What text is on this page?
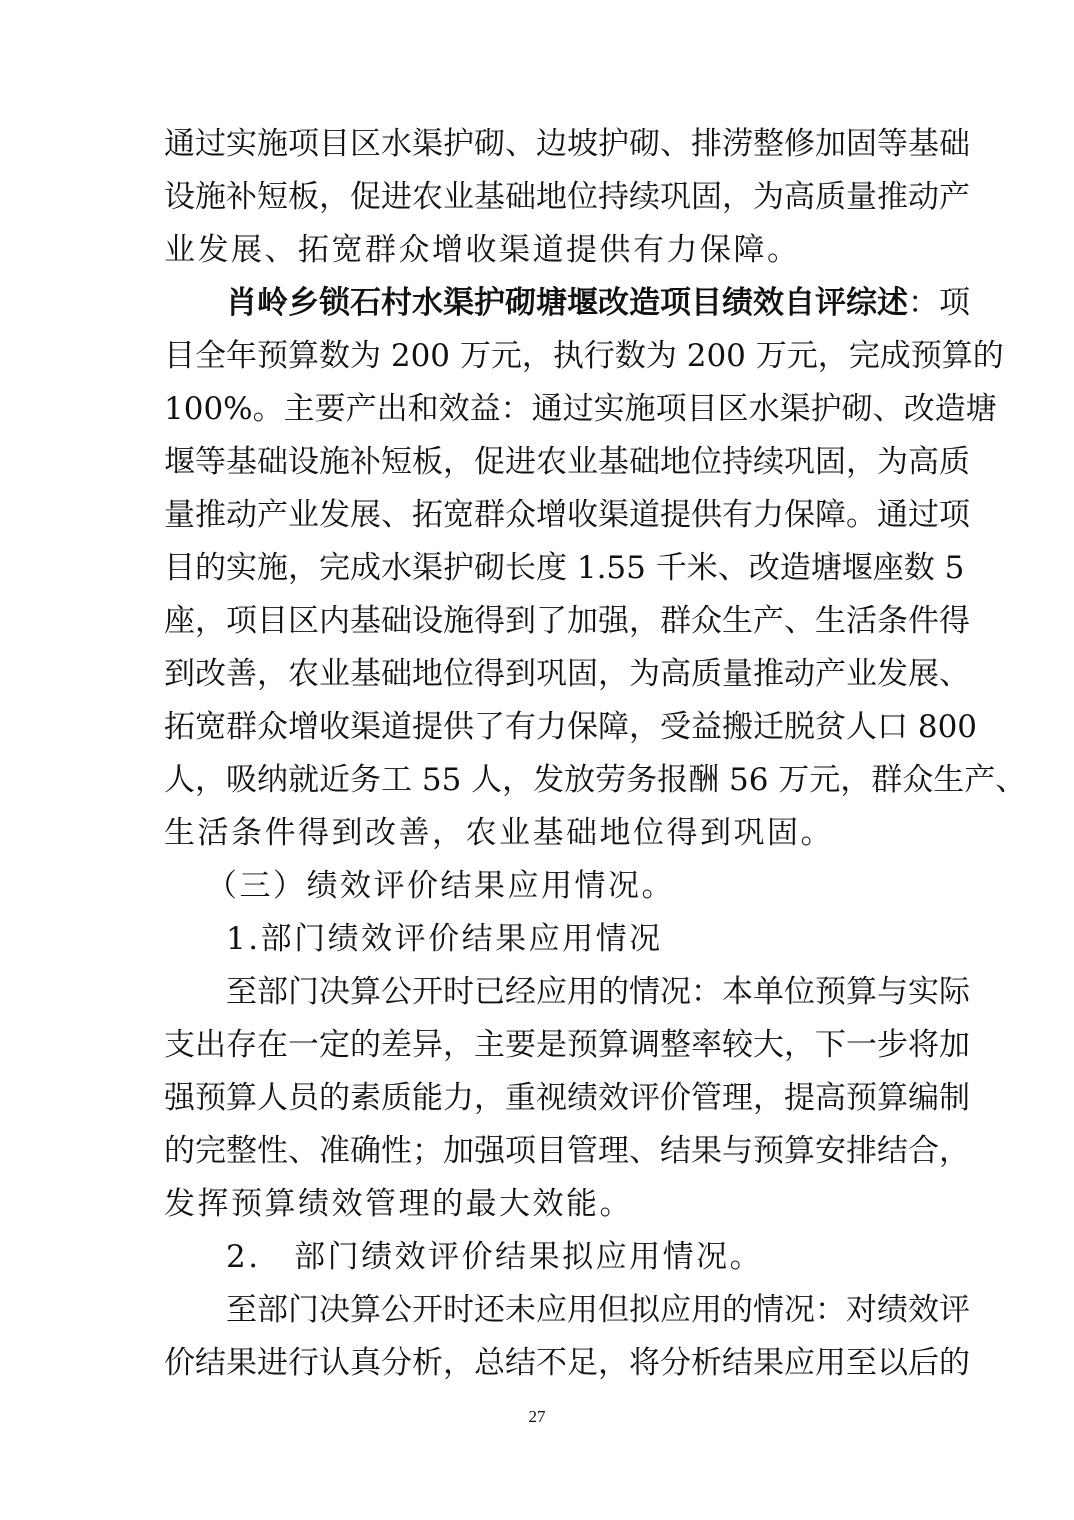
通过实施项目区水渠护砌、边坡护砌、排涝整修加固等基础
设施补短板，促进农业基础地位持续巩固，为高质量推动产
业发展、拓宽群众增收渠道提供有力保障。
肖岭乡锁石村水渠护砌塘堰改造项目绩效自评综述：项
目全年预算数为 200 万元，执行数为 200 万元，完成预算的
100%。主要产出和效益：通过实施项目区水渠护砌、改造塘
堰等基础设施补短板，促进农业基础地位持续巩固，为高质
量推动产业发展、拓宽群众增收渠道提供有力保障。通过项
目的实施，完成水渠护砌长度 1.55 千米、改造塘堰座数 5
座，项目区内基础设施得到了加强，群众生产、生活条件得
到改善，农业基础地位得到巩固，为高质量推动产业发展、
拓宽群众增收渠道提供了有力保障，受益搬迁脱贫人口 800
人，吸纳就近务工 55 人，发放劳务报酬 56 万元，群众生产、
生活条件得到改善，农业基础地位得到巩固。
（三）绩效评价结果应用情况。
1.部门绩效评价结果应用情况
至部门决算公开时已经应用的情况：本单位预算与实际
支出存在一定的差异，主要是预算调整率较大，下一步将加
强预算人员的素质能力，重视绩效评价管理，提高预算编制
的完整性、准确性；加强项目管理、结果与预算安排结合，
发挥预算绩效管理的最大效能。
2.　部门绩效评价结果拟应用情况。
至部门决算公开时还未应用但拟应用的情况：对绩效评
价结果进行认真分析，总结不足，将分析结果应用至以后的
27
